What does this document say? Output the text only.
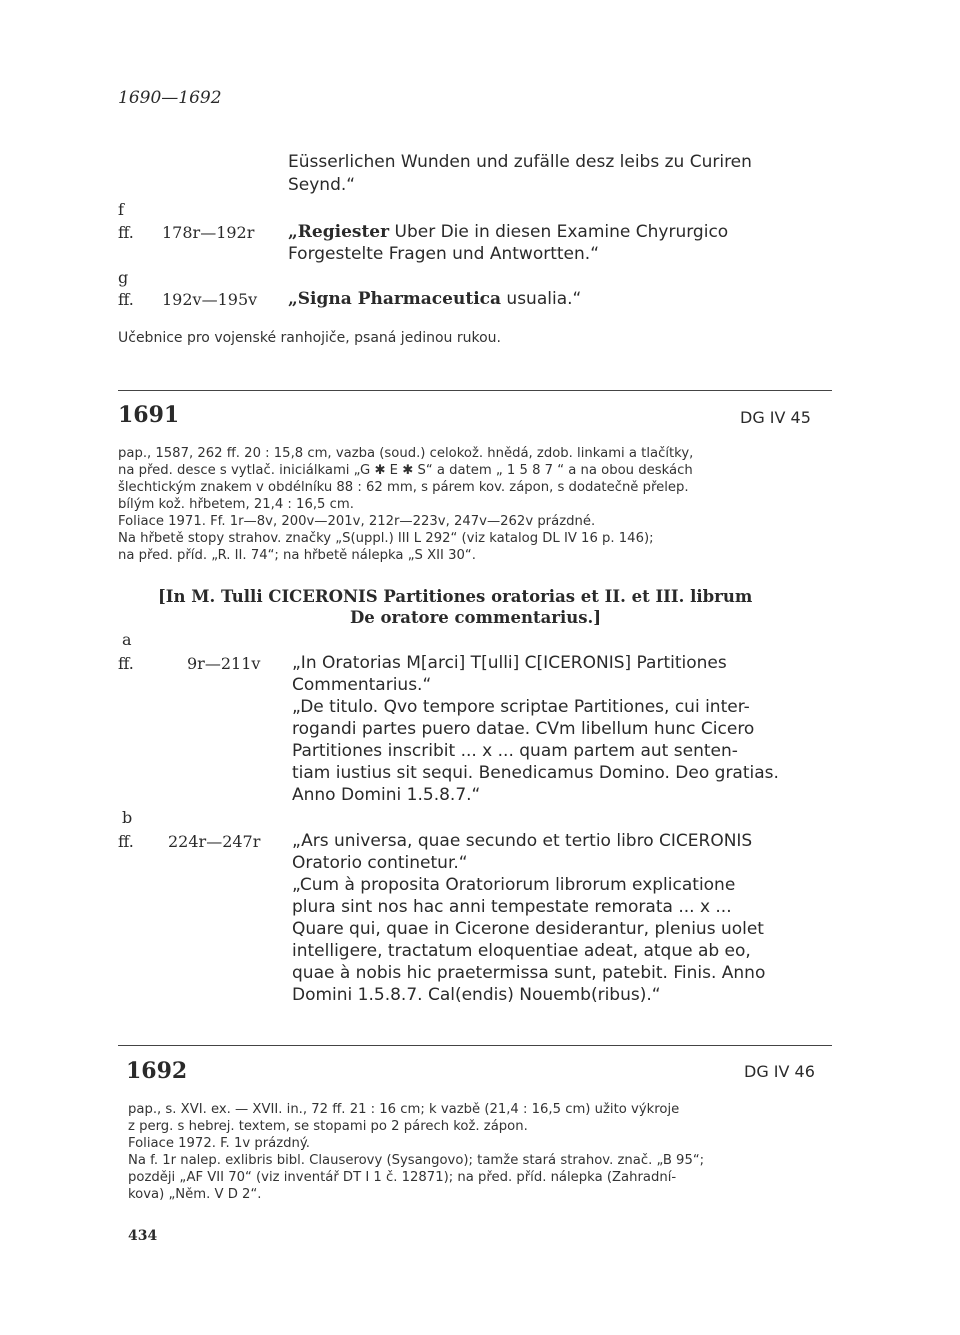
1690—1692
Eüsserlichen Wunden und zufälle desz leibs zu Curiren
Seynd.“
f
ff. 178r—192r „Regiester Uber Die in diesen Examine Chyrurgico
Forgestelte Fragen und Antwortten.“
g
ff. 192v—195v „Signa Pharmaceutica usualia.“
Učebnice pro vojenské ranhojiče, psaná jedinou rukou.
1691	DG IV 45
pap., 1587, 262 ff. 20 : 15,8 cm, vazba (soud.) celokož. hnědá, zdob. linkami a tlačítky,
na před. desce s vytlač. iniciálkami „G ✱ E ✱ S“ a datem „ 1 5 8 7 “ a na obou deskách
šlechtickým znakem v obdélníku 88 : 62 mm, s párem kov. zápon, s dodatečně přelep.
bílým kož. hřbetem, 21,4 : 16,5 cm.
Foliace 1971. Ff. 1r—8v, 200v—201v, 212r—223v, 247v—262v prázdné.
Na hřbetě stopy strahov. značky „S(uppl.) III L 292“ (viz katalog DL IV 16 p. 146);
na před. příd. „R. II. 74“; na hřbetě nálepka „S XII 30“.
[In M. Tulli CICERONIS Partitiones oratorias et II. et III. librum
De oratore commentarius.]
a
ff.	9r—211v „In Oratorias M[arci] T[ulli] C[ICERONIS] Partitiones
Commentarius.“
„De titulo. Qvo tempore scriptae Partitiones, cui inter-
rogandi partes puero datae. CVm libellum hunc Cicero
Partitiones inscribit ... x ... quam partem aut senten-
tiam iustius sit sequi. Benedicamus Domino. Deo gratias.
Anno Domini 1.5.8.7.“
b
ff. 224r—247r „Ars universa, quae secundo et tertio libro CICERONIS
Oratorio continetur.“
„Cum à proposita Oratoriorum librorum explicatione
plura sint nos hac anni tempestate remorata ... x ...
Quare qui, quae in Cicerone desiderantur, plenius uolet
intelligere, tractatum eloquentiae adeat, atque ab eo,
quae à nobis hic praetermissa sunt, patebit. Finis. Anno
Domini 1.5.8.7. Cal(endis) Nouemb(ribus).“
1692	DG IV 46
pap., s. XVI. ex. — XVII. in., 72 ff. 21 : 16 cm; k vazbě (21,4 : 16,5 cm) užito výkroje
z perg. s hebrej. textem, se stopami po 2 párech kož. zápon.
Foliace 1972. F. 1v prázdný.
Na f. 1r nalep. exlibris bibl. Clauserovy (Sysangovo); tamže stará strahov. znač. „B 95“;
později „AF VII 70“ (viz inventář DT I 1 č. 12871); na před. příd. nálepka (Zahradní-
kova) „Něm. V D 2“.
434
